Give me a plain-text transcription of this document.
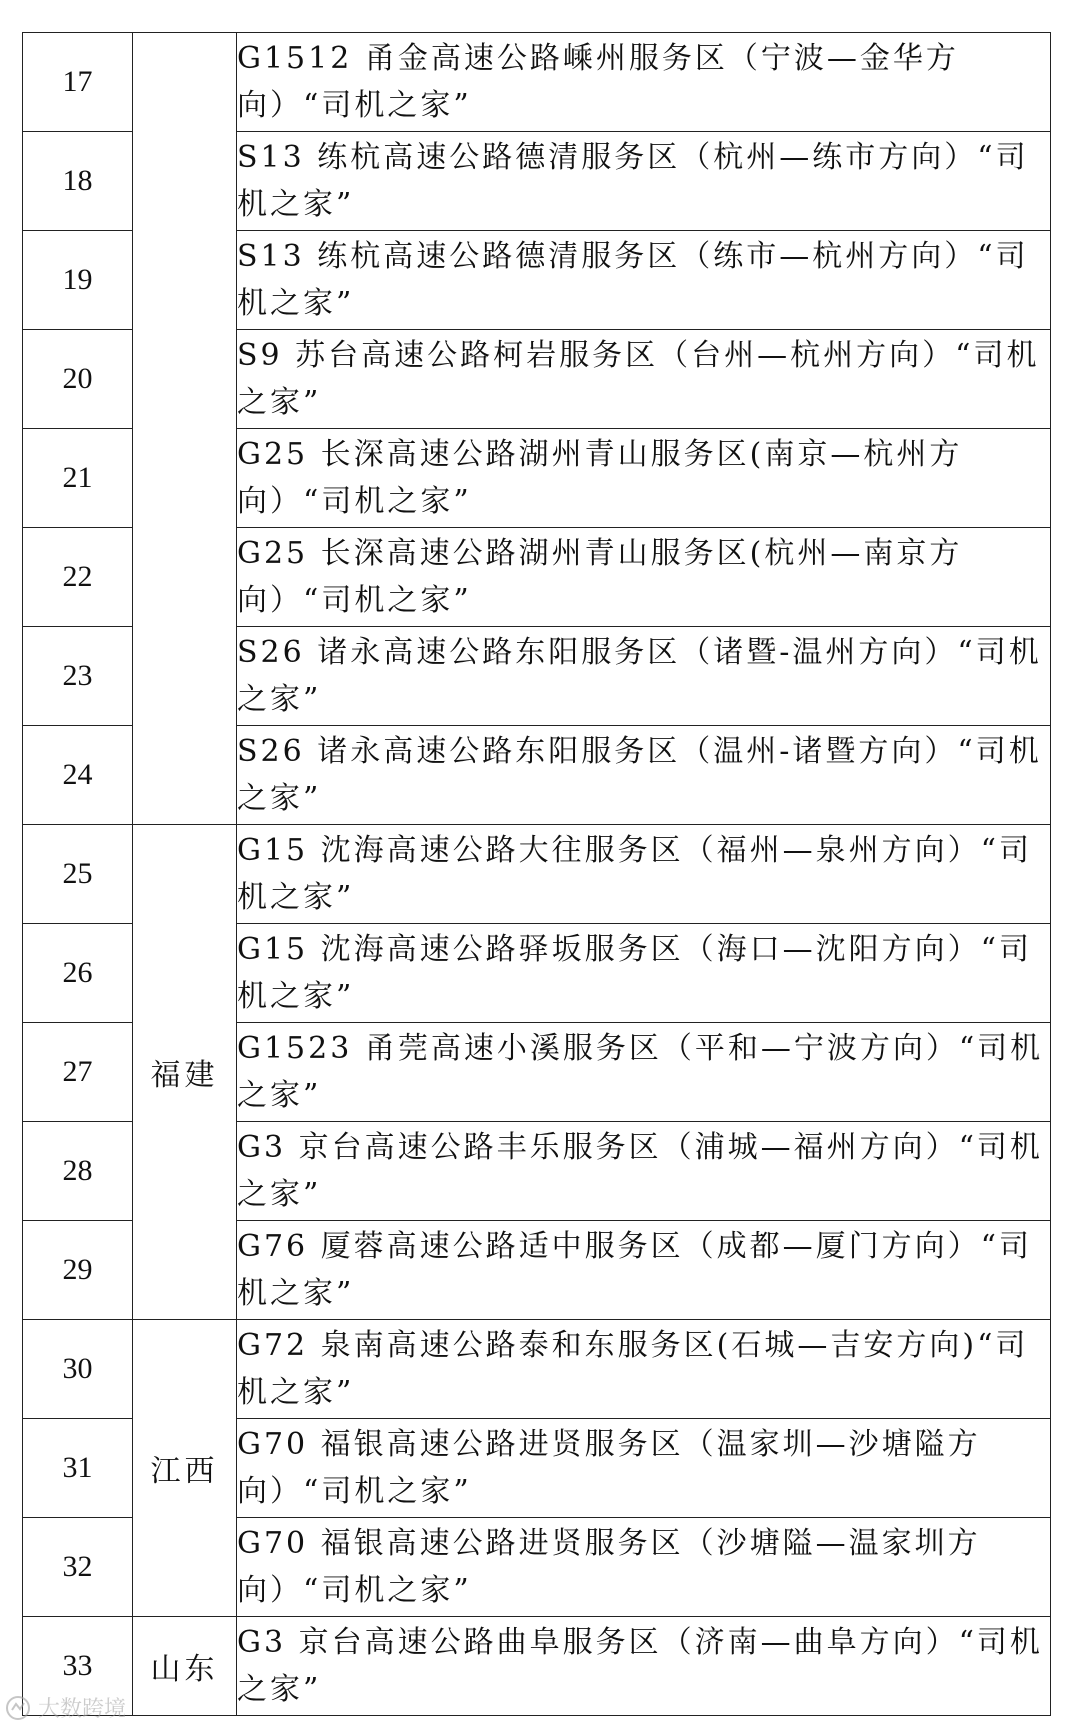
17		G1512 甬金高速公路嵊州服务区（宁波—金华方向）“司机之家”
18		S13 练杭高速公路德清服务区（杭州—练市方向）“司机之家”
19		S13 练杭高速公路德清服务区（练市—杭州方向）“司机之家”
20		S9 苏台高速公路柯岩服务区（台州—杭州方向）“司机之家”
21		G25 长深高速公路湖州青山服务区(南京—杭州方向）“司机之家”
22		G25 长深高速公路湖州青山服务区(杭州—南京方向）“司机之家”
23		S26 诸永高速公路东阳服务区（诸暨-温州方向）“司机之家”
24		S26 诸永高速公路东阳服务区（温州-诸暨方向）“司机之家”
25	福建	G15 沈海高速公路大往服务区（福州—泉州方向）“司机之家”
26		G15 沈海高速公路驿坂服务区（海口—沈阳方向）“司机之家”
27		G1523 甬莞高速小溪服务区（平和—宁波方向）“司机之家”
28		G3 京台高速公路丰乐服务区（浦城—福州方向）“司机之家”
29		G76 厦蓉高速公路适中服务区（成都—厦门方向）“司机之家”
30	江西	G72 泉南高速公路泰和东服务区(石城—吉安方向)“司机之家”
31		G70 福银高速公路进贤服务区（温家圳—沙塘隘方向）“司机之家”
32		G70 福银高速公路进贤服务区（沙塘隘—温家圳方向）“司机之家”
33	山东	G3 京台高速公路曲阜服务区（济南—曲阜方向）“司机之家”
大数跨境
